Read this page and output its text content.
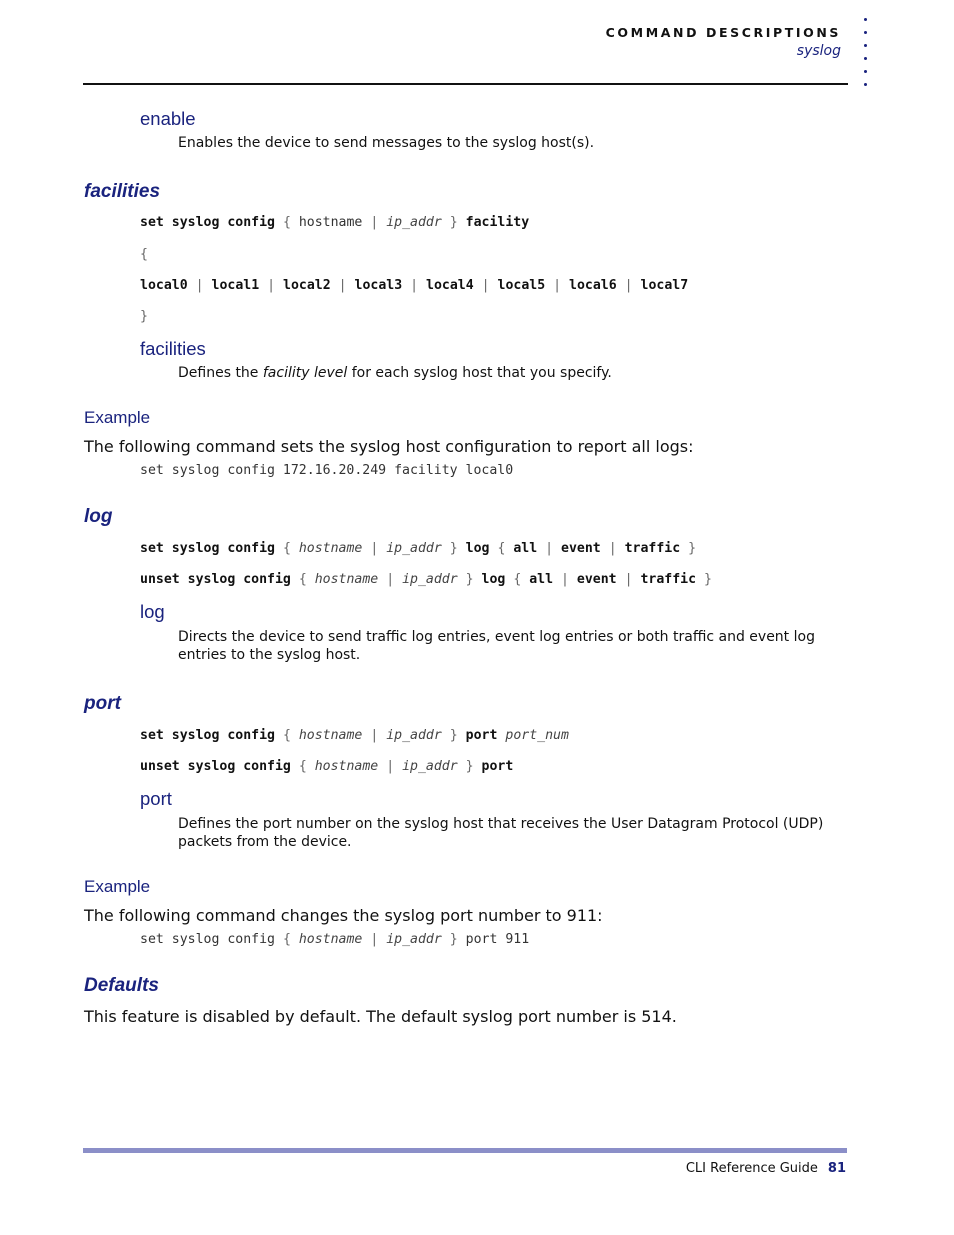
COMMAND DESCRIPTIONS
syslog
enable
Enables the device to send messages to the syslog host(s).
facilities
set syslog config { hostname | ip_addr } facility
{
local0 | local1 | local2 | local3 | local4 | local5 | local6 | local7
}
facilities
Defines the facility level for each syslog host that you specify.
Example
The following command sets the syslog host configuration to report all logs:
set syslog config 172.16.20.249 facility local0
log
set syslog config { hostname | ip_addr } log { all | event | traffic }
unset syslog config { hostname | ip_addr } log { all | event | traffic }
log
Directs the device to send traffic log entries, event log entries or both traffic and event log entries to the syslog host.
port
set syslog config { hostname | ip_addr } port port_num
unset syslog config { hostname | ip_addr } port
port
Defines the port number on the syslog host that receives the User Datagram Protocol (UDP) packets from the device.
Example
The following command changes the syslog port number to 911:
set syslog config { hostname | ip_addr } port 911
Defaults
This feature is disabled by default. The default syslog port number is 514.
CLI Reference Guide 81
